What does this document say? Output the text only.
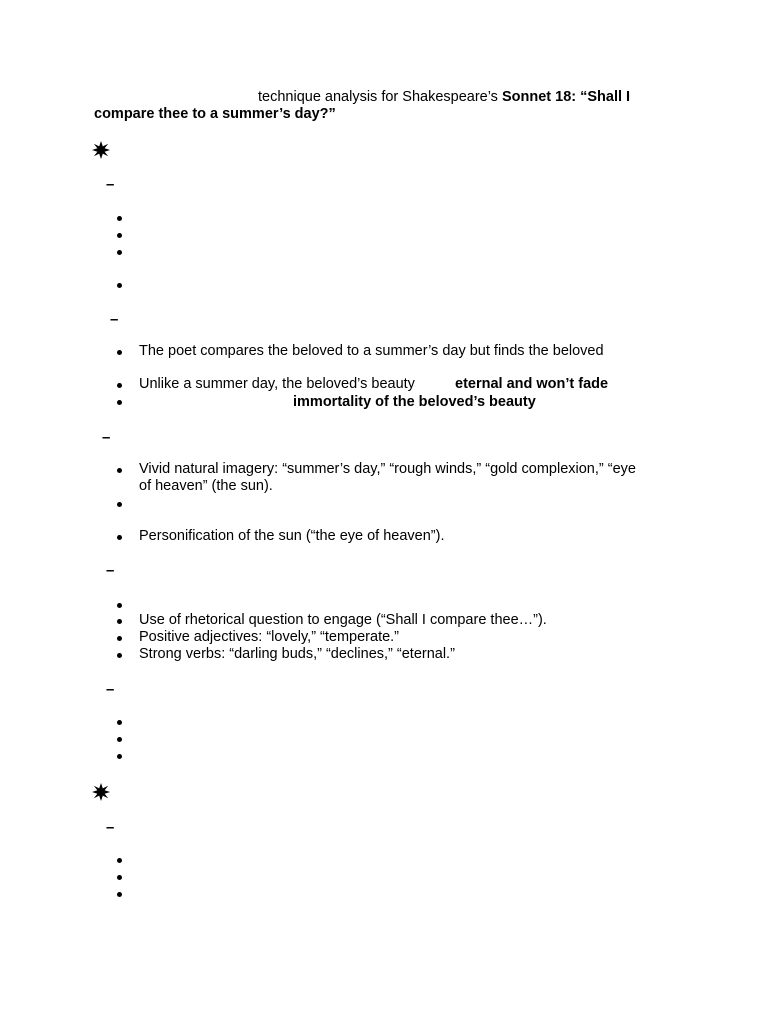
technique analysis for Shakespeare’s Sonnet 18: “Shall I
compare thee to a summer’s day?”
–
–
The poet compares the beloved to a summer’s day but finds the beloved
Unlike a summer day, the beloved’s beauty	eternal and won’t fade
immortality of the beloved’s beauty
–
Vivid natural imagery: “summer’s day,” “rough winds,” “gold complexion,” “eye
of heaven” (the sun).
Personification of the sun (“the eye of heaven”).
–
Use of rhetorical question to engage (“Shall I compare thee…”).
Positive adjectives: “lovely,” “temperate.”
Strong verbs: “darling buds,” “declines,” “eternal.”
–
–
